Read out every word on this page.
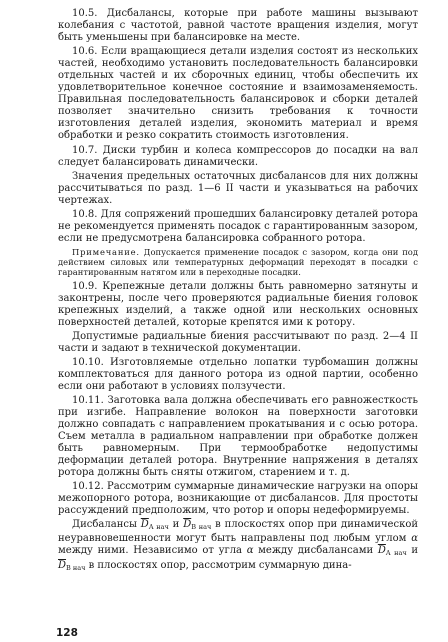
10.5. Дисбалансы, которые при работе машины вызывают колебания с частотой, равной частоте вращения изделия, могут быть уменьшены при балансировке на месте.

10.6. Если вращающиеся детали изделия состоят из нескольких частей, необходимо установить последовательность балансировки отдельных частей и их сборочных единиц, чтобы обеспечить их удовлетворительное конечное состояние и взаимозаменяемость. Правильная последовательность балансировок и сборки деталей позволяет значительно снизить требования к точности изготовления деталей изделия, экономить материал и время обработки и резко сократить стоимость изготовления.

10.7. Диски турбин и колеса компрессоров до посадки на вал следует балансировать динамически.

Значения предельных остаточных дисбалансов для них должны рассчитываться по разд. 1—6 II части и указываться на рабочих чертежах.

10.8. Для сопряжений прошедших балансировку деталей ротора не рекомендуется применять посадок с гарантированным зазором, если не предусмотрена балансировка собранного ротора.

Примечание. Допускается применение посадок с зазором, когда они под действием силовых или температурных деформаций переходят в посадки с гарантированным натягом или в переходные посадки.

10.9. Крепежные детали должны быть равномерно затянуты и законтрены, после чего проверяются радиальные биения головок крепежных изделий, а также одной или нескольких основных поверхностей деталей, которые крепятся ими к ротору.

Допустимые радиальные биения рассчитывают по разд. 2—4 II части и задают в технической документации.

10.10. Изготовляемые отдельно лопатки турбомашин должны комплектоваться для данного ротора из одной партии, особенно если они работают в условиях ползучести.

10.11. Заготовка вала должна обеспечивать его равножесткость при изгибе. Направление волокон на поверхности заготовки должно совпадать с направлением прокатывания и с осью ротора. Съем металла в радиальном направлении при обработке должен быть равномерным. При термообработке недопустимы деформации деталей ротора. Внутренние напряжения в деталях ротора должны быть сняты отжигом, старением и т. д.

10.12. Рассмотрим суммарные динамические нагрузки на опоры межопорного ротора, возникающие от дисбалансов. Для простоты рассуждений предположим, что ротор и опоры недеформируемы.

Дисбалансы $\overline{D}_{A нач}$ и $\overline{D}_{B нач}$ в плоскостях опор при динамической неуравновешенности могут быть направлены под любым углом α между ними. Независимо от угла α между дисбалансами $\overline{D}_{A нач}$ и $\overline{D}_{B нач}$ в плоскостях опор, рассмотрим суммарную дина-

128
